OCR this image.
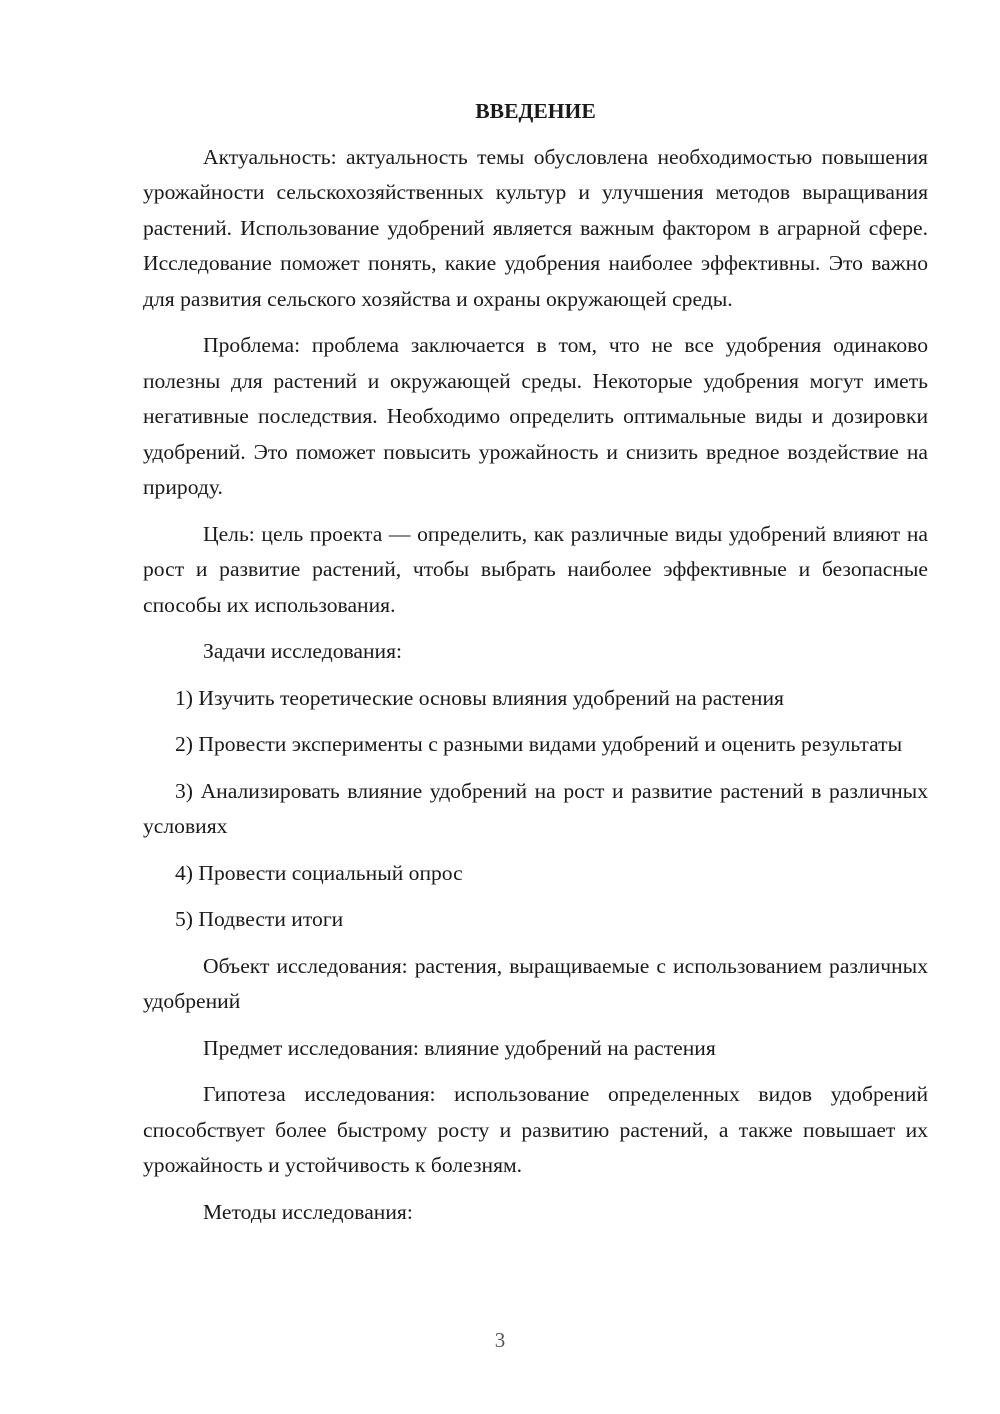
ВВЕДЕНИЕ

Актуальность: актуальность темы обусловлена необходимостью повышения урожайности сельскохозяйственных культур и улучшения методов выращивания растений. Использование удобрений является важным фактором в аграрной сфере. Исследование поможет понять, какие удобрения наиболее эффективны. Это важно для развития сельского хозяйства и охраны окружающей среды.

Проблема: проблема заключается в том, что не все удобрения одинаково полезны для растений и окружающей среды. Некоторые удобрения могут иметь негативные последствия. Необходимо определить оптимальные виды и дозировки удобрений. Это поможет повысить урожайность и снизить вредное воздействие на природу.

Цель: цель проекта — определить, как различные виды удобрений влияют на рост и развитие растений, чтобы выбрать наиболее эффективные и безопасные способы их использования.

Задачи исследования:

1) Изучить теоретические основы влияния удобрений на растения

2) Провести эксперименты с разными видами удобрений и оценить результаты

3) Анализировать влияние удобрений на рост и развитие растений в различных условиях

4) Провести социальный опрос

5) Подвести итоги

Объект исследования: растения, выращиваемые с использованием различных удобрений

Предмет исследования: влияние удобрений на растения

Гипотеза исследования: использование определенных видов удобрений способствует более быстрому росту и развитию растений, а также повышает их урожайность и устойчивость к болезням.

Методы исследования:

3
